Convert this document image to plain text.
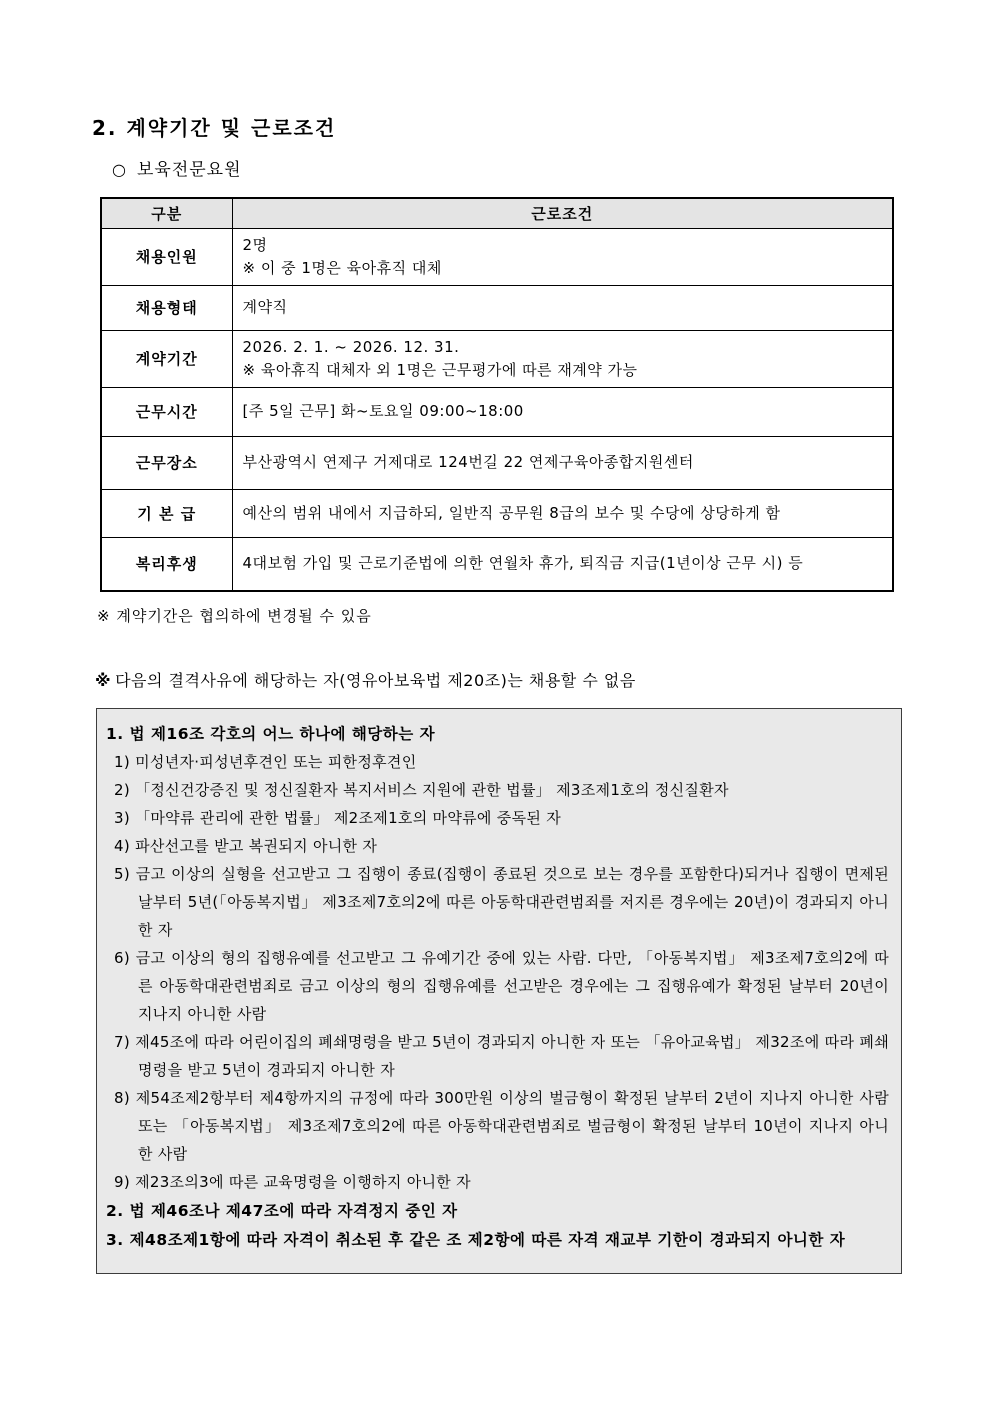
2. 계약기간 및 근로조건
○ 보육전문요원
구분	근로조건
채용인원	2명
※ 이 중 1명은 육아휴직 대체

채용형태	계약직

계약기간	2026. 2. 1. ~ 2026. 12. 31.
※ 육아휴직 대체자 외 1명은 근무평가에 따른 재계약 가능

근무시간	[주 5일 근무] 화~토요일 09:00~18:00

근무장소	부산광역시 연제구 거제대로 124번길 22 연제구육아종합지원센터

기 본 급	예산의 범위 내에서 지급하되, 일반직 공무원 8급의 보수 및 수당에 상당하게 함

복리후생	4대보험 가입 및 근로기준법에 의한 연월차 휴가, 퇴직금 지급(1년이상 근무 시) 등
※ 계약기간은 협의하에 변경될 수 있음
※ 다음의 결격사유에 해당하는 자(영유아보육법 제20조)는 채용할 수 없음
1. 법 제16조 각호의 어느 하나에 해당하는 자
1) 미성년자·피성년후견인 또는 피한정후견인
2) 「정신건강증진 및 정신질환자 복지서비스 지원에 관한 법률」 제3조제1호의 정신질환자
3) 「마약류 관리에 관한 법률」 제2조제1호의 마약류에 중독된 자
4) 파산선고를 받고 복권되지 아니한 자
5) 금고 이상의 실형을 선고받고 그 집행이 종료(집행이 종료된 것으로 보는 경우를 포함한다)되거나 집행이 면제된 날부터 5년(「아동복지법」 제3조제7호의2에 따른 아동학대관련범죄를 저지른 경우에는 20년)이 경과되지 아니한 자
6) 금고 이상의 형의 집행유예를 선고받고 그 유예기간 중에 있는 사람. 다만, 「아동복지법」 제3조제7호의2에 따른 아동학대관련범죄로 금고 이상의 형의 집행유예를 선고받은 경우에는 그 집행유예가 확정된 날부터 20년이 지나지 아니한 사람
7) 제45조에 따라 어린이집의 폐쇄명령을 받고 5년이 경과되지 아니한 자 또는 「유아교육법」 제32조에 따라 폐쇄명령을 받고 5년이 경과되지 아니한 자
8) 제54조제2항부터 제4항까지의 규정에 따라 300만원 이상의 벌금형이 확정된 날부터 2년이 지나지 아니한 사람 또는 「아동복지법」 제3조제7호의2에 따른 아동학대관련범죄로 벌금형이 확정된 날부터 10년이 지나지 아니한 사람
9) 제23조의3에 따른 교육명령을 이행하지 아니한 자
2. 법 제46조나 제47조에 따라 자격정지 중인 자
3. 제48조제1항에 따라 자격이 취소된 후 같은 조 제2항에 따른 자격 재교부 기한이 경과되지 아니한 자
